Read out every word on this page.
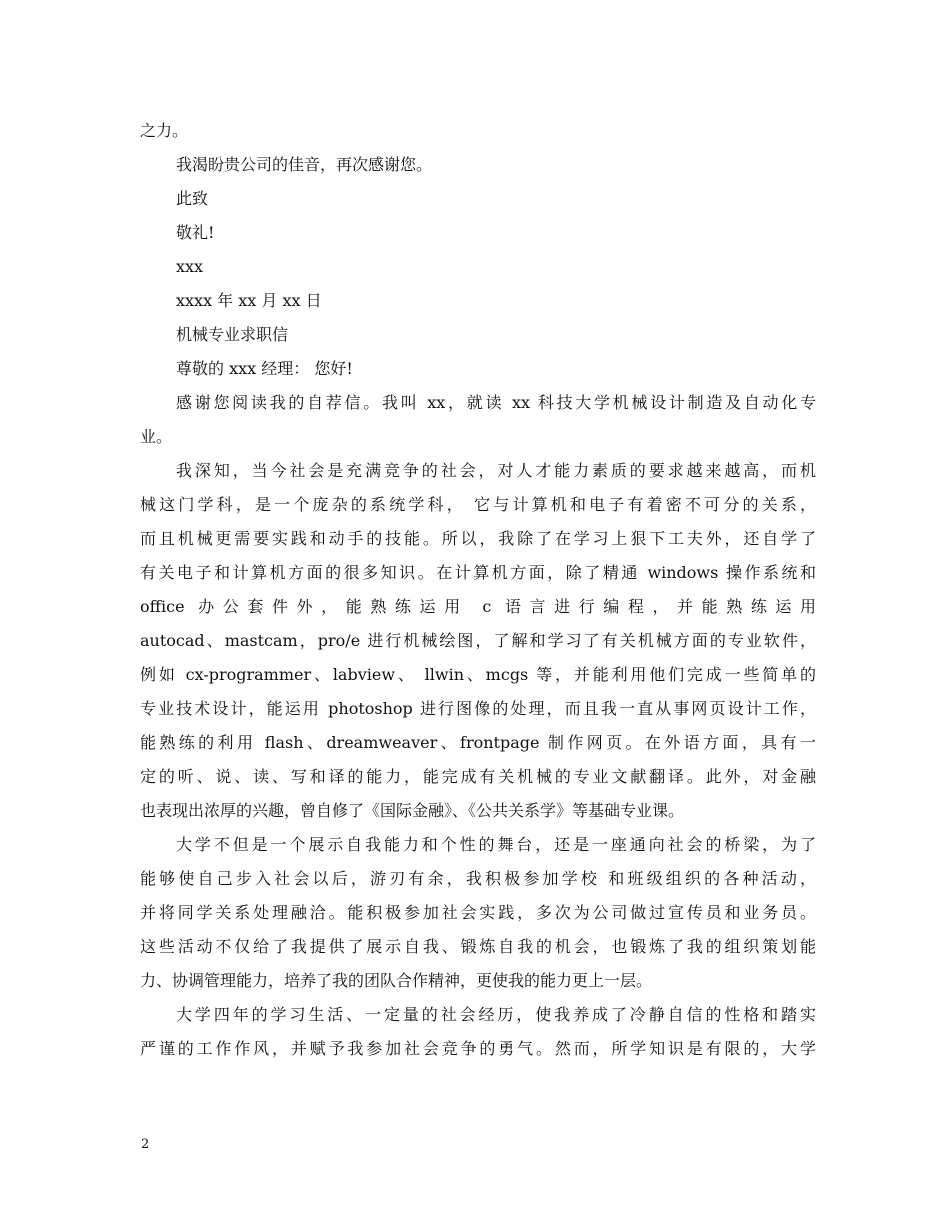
之力。
我渴盼贵公司的佳音，再次感谢您。
此致
敬礼!
xxx
xxxx 年 xx 月 xx 日
机械专业求职信
尊敬的 xxx 经理： 您好!
感谢您阅读我的自荐信。我叫 xx，就读 xx 科技大学机械设计制造及自动化专
业。
我深知，当今社会是充满竞争的社会，对人才能力素质的要求越来越高，而机
械这门学科，是一个庞杂的系统学科， 它与计算机和电子有着密不可分的关系，
而且机械更需要实践和动手的技能。所以，我除了在学习上狠下工夫外，还自学了
有关电子和计算机方面的很多知识。在计算机方面，除了精通 windows 操作系统和
office 办公套件外，能熟练运用 c 语言进行编程，并能熟练运用
autocad、mastcam，pro/e 进行机械绘图，了解和学习了有关机械方面的专业软件，
例如 cx-programmer、labview、 llwin、mcgs 等，并能利用他们完成一些简单的
专业技术设计，能运用 photoshop 进行图像的处理，而且我一直从事网页设计工作，
能熟练的利用 flash、dreamweaver、frontpage 制作网页。在外语方面，具有一
定的听、说、读、写和译的能力，能完成有关机械的专业文献翻译。此外，对金融
也表现出浓厚的兴趣，曾自修了《国际金融》、《公共关系学》等基础专业课。
大学不但是一个展示自我能力和个性的舞台，还是一座通向社会的桥梁，为了
能够使自己步入社会以后，游刃有余，我积极参加学校 和班级组织的各种活动，
并将同学关系处理融洽。能积极参加社会实践，多次为公司做过宣传员和业务员。
这些活动不仅给了我提供了展示自我、锻炼自我的机会，也锻炼了我的组织策划能
力、协调管理能力，培养了我的团队合作精神，更使我的能力更上一层。
大学四年的学习生活、一定量的社会经历，使我养成了冷静自信的性格和踏实
严谨的工作作风，并赋予我参加社会竞争的勇气。然而，所学知识是有限的，大学
2
